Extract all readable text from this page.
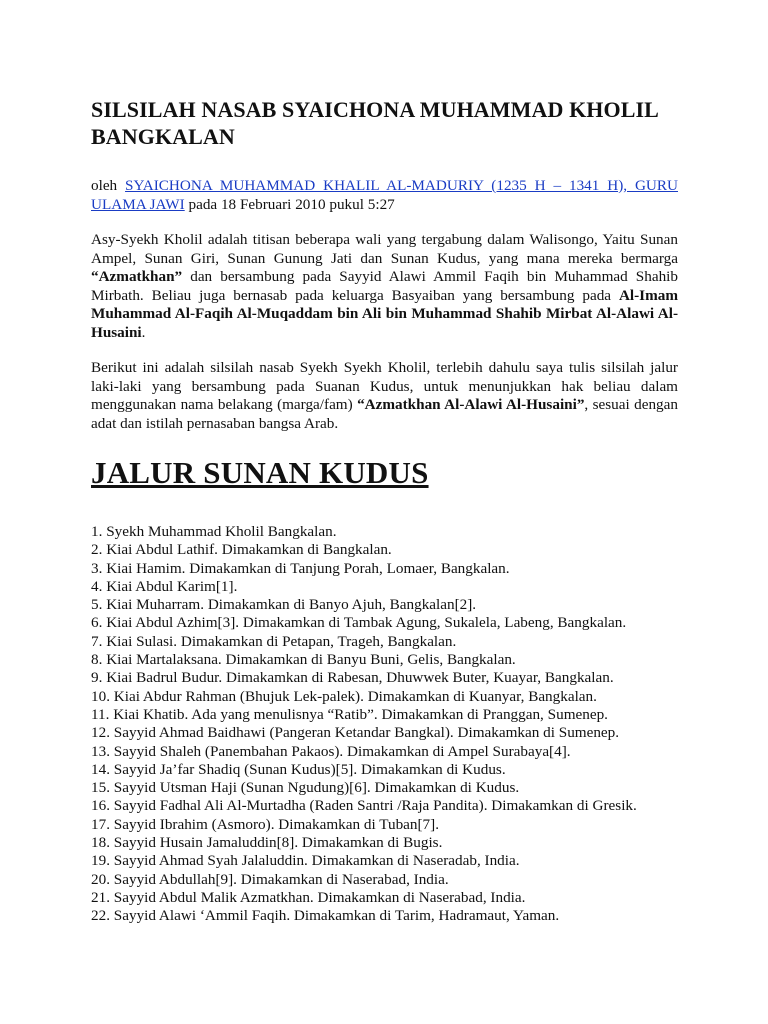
SILSILAH NASAB SYAICHONA MUHAMMAD KHOLIL BANGKALAN
oleh SYAICHONA MUHAMMAD KHALIL AL-MADURIY (1235 H – 1341 H), GURU ULAMA JAWI pada 18 Februari 2010 pukul 5:27

Asy-Syekh Kholil adalah titisan beberapa wali yang tergabung dalam Walisongo, Yaitu Sunan Ampel, Sunan Giri, Sunan Gunung Jati dan Sunan Kudus, yang mana mereka bermarga “Azmatkhan” dan bersambung pada Sayyid Alawi Ammil Faqih bin Muhammad Shahib Mirbath. Beliau juga bernasab pada keluarga Basyaiban yang bersambung pada Al-Imam Muhammad Al-Faqih Al-Muqaddam bin Ali bin Muhammad Shahib Mirbat Al-Alawi Al-Husaini.

Berikut ini adalah silsilah nasab Syekh Syekh Kholil, terlebih dahulu saya tulis silsilah jalur laki-laki yang bersambung pada Suanan Kudus, untuk menunjukkan hak beliau dalam menggunakan nama belakang (marga/fam) “Azmatkhan Al-Alawi Al-Husaini”, sesuai dengan adat dan istilah pernasaban bangsa Arab.

JALUR SUNAN KUDUS
1. Syekh Muhammad Kholil Bangkalan.
2. Kiai Abdul Lathif. Dimakamkan di Bangkalan.
3. Kiai Hamim. Dimakamkan di Tanjung Porah, Lomaer, Bangkalan.
4. Kiai Abdul Karim[1].
5. Kiai Muharram. Dimakamkan di Banyo Ajuh, Bangkalan[2].
6. Kiai Abdul Azhim[3]. Dimakamkan di Tambak Agung, Sukalela, Labeng, Bangkalan.
7. Kiai Sulasi. Dimakamkan di Petapan, Trageh, Bangkalan.
8. Kiai Martalaksana. Dimakamkan di Banyu Buni, Gelis, Bangkalan.
9. Kiai Badrul Budur. Dimakamkan di Rabesan, Dhuwwek Buter, Kuayar, Bangkalan.
10. Kiai Abdur Rahman (Bhujuk Lek-palek). Dimakamkan di Kuanyar, Bangkalan.
11. Kiai Khatib. Ada yang menulisnya “Ratib”. Dimakamkan di Pranggan, Sumenep.
12. Sayyid Ahmad Baidhawi (Pangeran Ketandar Bangkal). Dimakamkan di Sumenep.
13. Sayyid Shaleh (Panembahan Pakaos). Dimakamkan di Ampel Surabaya[4].
14. Sayyid Ja’far Shadiq (Sunan Kudus)[5]. Dimakamkan di Kudus.
15. Sayyid Utsman Haji (Sunan Ngudung)[6]. Dimakamkan di Kudus.
16. Sayyid Fadhal Ali Al-Murtadha (Raden Santri /Raja Pandita). Dimakamkan di Gresik.
17. Sayyid Ibrahim (Asmoro). Dimakamkan di Tuban[7].
18. Sayyid Husain Jamaluddin[8]. Dimakamkan di Bugis.
19. Sayyid Ahmad Syah Jalaluddin. Dimakamkan di Naseradab, India.
20. Sayyid Abdullah[9]. Dimakamkan di Naserabad, India.
21. Sayyid Abdul Malik Azmatkhan. Dimakamkan di Naserabad, India.
22. Sayyid Alawi ‘Ammil Faqih. Dimakamkan di Tarim, Hadramaut, Yaman.
